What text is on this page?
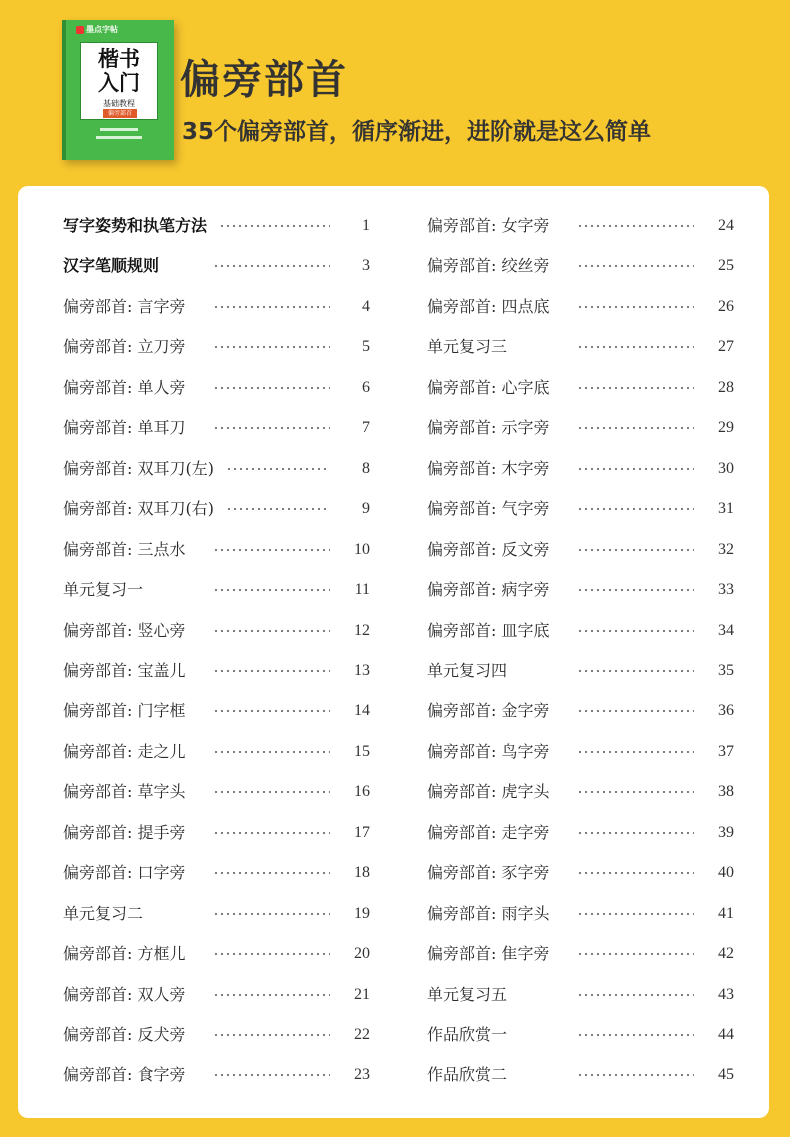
墨点字帖
楷书
入门
基础教程
偏旁部首
偏旁部首
35个偏旁部首，循序渐进，进阶就是这么简单
写字姿势和执笔方法	1
汉字笔顺规则	3
偏旁部首: 言字旁	4
偏旁部首: 立刀旁	5
偏旁部首: 单人旁	6
偏旁部首: 单耳刀	7
偏旁部首: 双耳刀(左)	8
偏旁部首: 双耳刀(右)	9
偏旁部首: 三点水	10
单元复习一	11
偏旁部首: 竖心旁	12
偏旁部首: 宝盖儿	13
偏旁部首: 门字框	14
偏旁部首: 走之儿	15
偏旁部首: 草字头	16
偏旁部首: 提手旁	17
偏旁部首: 口字旁	18
单元复习二	19
偏旁部首: 方框儿	20
偏旁部首: 双人旁	21
偏旁部首: 反犬旁	22
偏旁部首: 食字旁	23
偏旁部首: 女字旁	24
偏旁部首: 绞丝旁	25
偏旁部首: 四点底	26
单元复习三	27
偏旁部首: 心字底	28
偏旁部首: 示字旁	29
偏旁部首: 木字旁	30
偏旁部首: 气字旁	31
偏旁部首: 反文旁	32
偏旁部首: 病字旁	33
偏旁部首: 皿字底	34
单元复习四	35
偏旁部首: 金字旁	36
偏旁部首: 鸟字旁	37
偏旁部首: 虎字头	38
偏旁部首: 走字旁	39
偏旁部首: 豕字旁	40
偏旁部首: 雨字头	41
偏旁部首: 隹字旁	42
单元复习五	43
作品欣赏一	44
作品欣赏二	45
